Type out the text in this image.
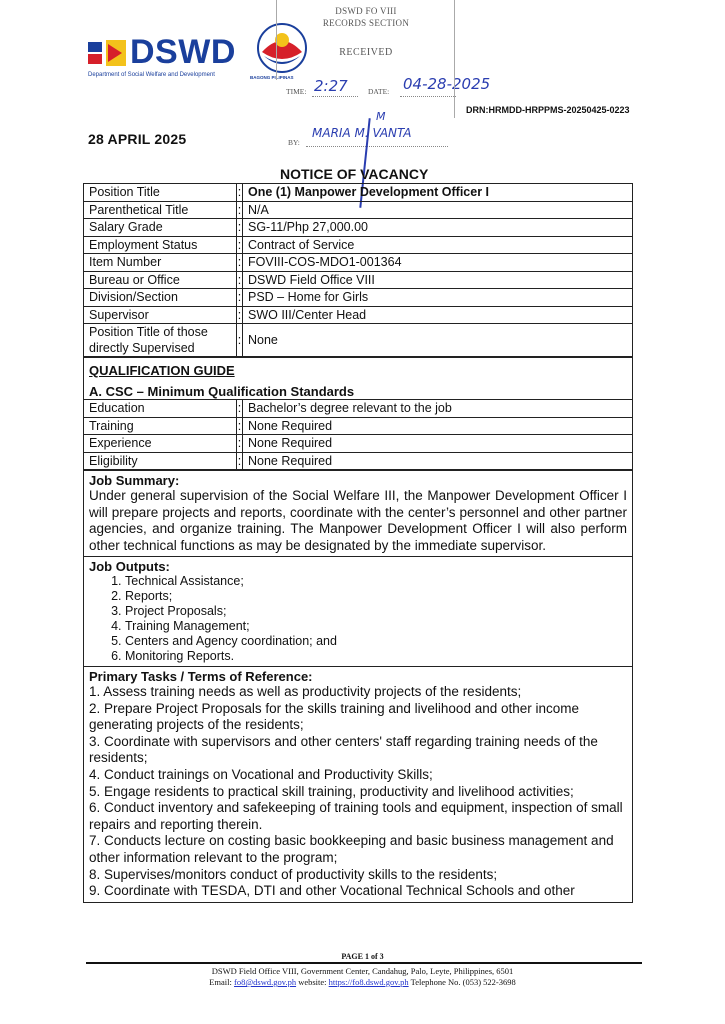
DSWD
Department of Social Welfare and Development	BAGONG PILIPINAS
DSWD FO VIII
RECORDS SECTION
RECEIVED
TIME: 2:27	DATE: 04-28-2025
BY:
MARIA M. VANTA
M	DRN:HRMDD-HRPPMS-20250425-0223
28 APRIL 2025
NOTICE OF VACANCY
Position Title	:	One (1) Manpower Development Officer I
Parenthetical Title	:	N/A
Salary Grade	:	SG-11/Php 27,000.00
Employment Status	:	Contract of Service
Item Number	:	FOVIII-COS-MDO1-001364
Bureau or Office	:	DSWD Field Office VIII
Division/Section	:	PSD – Home for Girls
Supervisor	:	SWO III/Center Head
Position Title of those directly Supervised	:	None
QUALIFICATION GUIDE
A. CSC – Minimum Qualification Standards
Education	:	Bachelor’s degree relevant to the job
Training	:	None Required
Experience	:	None Required
Eligibility	:	None Required
Job Summary:
Under general supervision of the Social Welfare III, the Manpower Development Officer I will prepare projects and reports, coordinate with the center’s personnel and other partner agencies, and organize training. The Manpower Development Officer I will also perform other technical functions as may be designated by the immediate supervisor.
Job Outputs:
1. Technical Assistance;
2. Reports;
3. Project Proposals;
4. Training Management;
5. Centers and Agency coordination; and
6. Monitoring Reports.
Primary Tasks / Terms of Reference:

1. Assess training needs as well as productivity projects of the residents;

2. Prepare Project Proposals for the skills training and livelihood and other income generating projects of the residents;

3. Coordinate with supervisors and other centers' staff regarding training needs of the residents;

4. Conduct trainings on Vocational and Productivity Skills;

5. Engage residents to practical skill training, productivity and livelihood activities;

6. Conduct inventory and safekeeping of training tools and equipment, inspection of small repairs and reporting therein.

7. Conducts lecture on costing basic bookkeeping and basic business management and other information relevant to the program;

8. Supervises/monitors conduct of productivity skills to the residents;

9. Coordinate with TESDA, DTI and other Vocational Technical Schools and other

PAGE 1 of 3
DSWD Field Office VIII, Government Center, Candahug, Palo, Leyte, Philippines, 6501
Email: fo8@dswd.gov.ph website: https://fo8.dswd.gov.ph Telephone No. (053) 522-3698
